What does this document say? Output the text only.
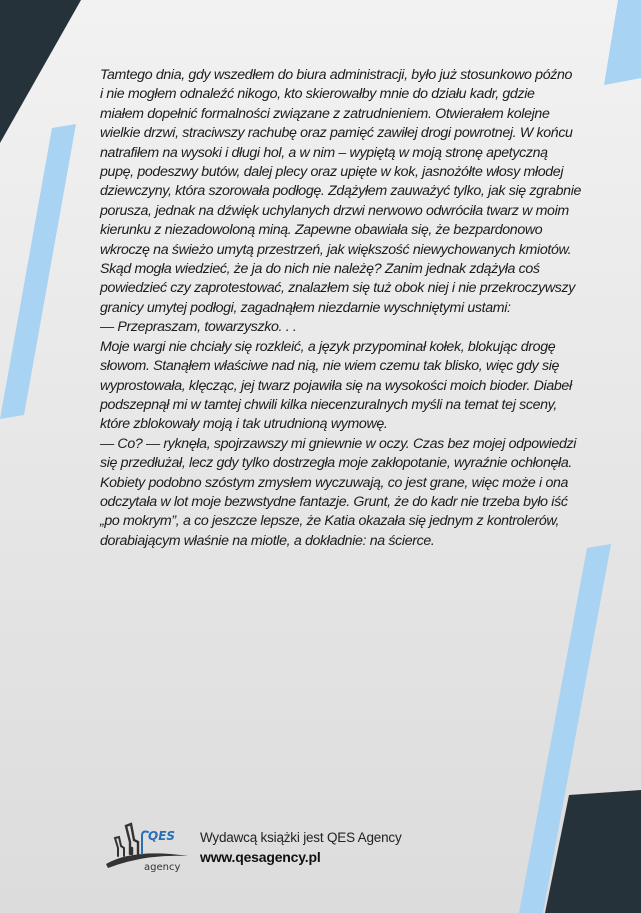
Tamtego dnia, gdy wszedłem do biura administracji, było już stosunkowo późno

i nie mogłem odnaleźć nikogo, kto skierowałby mnie do działu kadr, gdzie

miałem dopełnić formalności związane z zatrudnieniem. Otwierałem kolejne

wielkie drzwi, straciwszy rachubę oraz pamięć zawiłej drogi powrotnej. W końcu

natrafiłem na wysoki i długi hol, a w nim – wypiętą w moją stronę apetyczną

pupę, podeszwy butów, dalej plecy oraz upięte w kok, jasnożółte włosy młodej

dziewczyny, która szorowała podłogę. Zdążyłem zauważyć tylko, jak się zgrabnie

porusza, jednak na dźwięk uchylanych drzwi nerwowo odwróciła twarz w moim

kierunku z niezadowoloną miną. Zapewne obawiała się, że bezpardonowo

wkroczę na świeżo umytą przestrzeń, jak większość niewychowanych kmiotów.

Skąd mogła wiedzieć, że ja do nich nie należę? Zanim jednak zdążyła coś

powiedzieć czy zaprotestować, znalazłem się tuż obok niej i nie przekroczywszy

granicy umytej podłogi, zagadnąłem niezdarnie wyschniętymi ustami:

— Przepraszam, towarzyszko. . .

Moje wargi nie chciały się rozkleić, a język przypominał kołek, blokując drogę

słowom. Stanąłem właściwe nad nią, nie wiem czemu tak blisko, więc gdy się

wyprostowała, klęcząc, jej twarz pojawiła się na wysokości moich bioder. Diabeł

podszepnął mi w tamtej chwili kilka niecenzuralnych myśli na temat tej sceny,

które zblokowały moją i tak utrudnioną wymowę.

— Co? — ryknęła, spojrzawszy mi gniewnie w oczy. Czas bez mojej odpowiedzi

się przedłużał, lecz gdy tylko dostrzegła moje zakłopotanie, wyraźnie ochłonęła.

Kobiety podobno szóstym zmysłem wyczuwają, co jest grane, więc może i ona

odczytała w lot moje bezwstydne fantazje. Grunt, że do kadr nie trzeba było iść

„po mokrym”, a co jeszcze lepsze, że Katia okazała się jednym z kontrolerów,

dorabiającym właśnie na miotle, a dokładnie: na ścierce.

QES
agency
Wydawcą książki jest QES Agency
www.qesagency.pl
